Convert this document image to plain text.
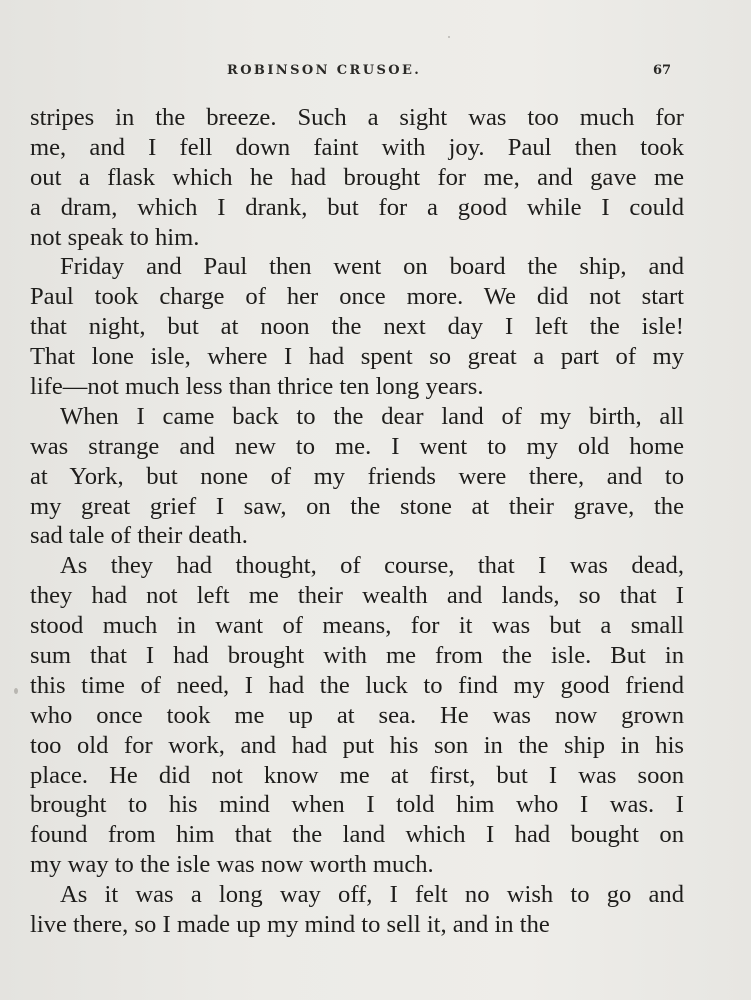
ROBINSON CRUSOE.	67
stripes in the breeze. Such a sight was too much for
me, and I fell down faint with joy. Paul then took
out a flask which he had brought for me, and gave me
a dram, which I drank, but for a good while I could
not speak to him.
Friday and Paul then went on board the ship, and
Paul took charge of her once more. We did not start
that night, but at noon the next day I left the isle!
That lone isle, where I had spent so great a part of my
life—not much less than thrice ten long years.
When I came back to the dear land of my birth, all
was strange and new to me. I went to my old home
at York, but none of my friends were there, and to
my great grief I saw, on the stone at their grave, the
sad tale of their death.
As they had thought, of course, that I was dead,
they had not left me their wealth and lands, so that I
stood much in want of means, for it was but a small
sum that I had brought with me from the isle. But in
this time of need, I had the luck to find my good friend
who once took me up at sea. He was now grown
too old for work, and had put his son in the ship in his
place. He did not know me at first, but I was soon
brought to his mind when I told him who I was. I
found from him that the land which I had bought on
my way to the isle was now worth much.
As it was a long way off, I felt no wish to go and
live there, so I made up my mind to sell it, and in the
